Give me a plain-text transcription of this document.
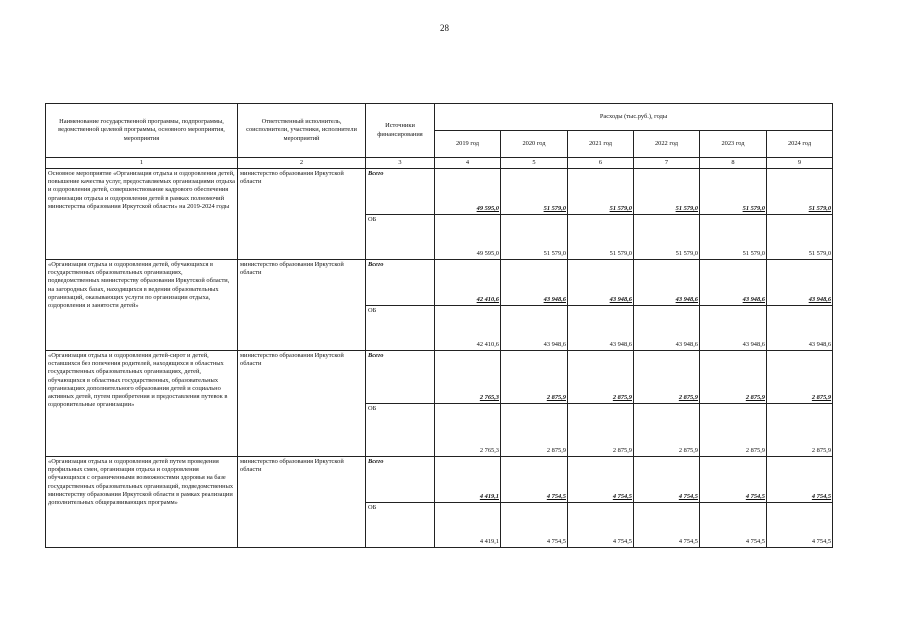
28
Наименование государственной программы, подпрограммы, ведомственной целевой программы, основного мероприятия, мероприятия	Ответственный исполнитель, соисполнители, участники, исполнители мероприятий	Источники финансирования	Расходы (тыс.руб.), годы					
			2019 год	2020 год	2021 год	2022 год	2023 год	2024 год
1	2	3	4	5	6	7	8	9
Основное мероприятие «Организация отдыха и оздоровления детей, повышение качества услуг, предоставляемых организациями отдыха и оздоровления детей, совершенствование кадрового обеспечения организации отдыха и оздоровления детей в рамках полномочий министерства образования Иркутской области» на 2019-2024 годы	министерство образования Иркутской области	Всего	49 595,0	51 579,0	51 579,0	51 579,0	51 579,0	51 579,0
		ОБ	49 595,0	51 579,0	51 579,0	51 579,0	51 579,0	51 579,0
«Организация отдыха и оздоровления детей, обучающихся в государственных образовательных организациях, подведомственных министерству образования Иркутской области, на загородных базах, находящихся в ведении образовательных организаций, оказывающих услуги по организации отдыха, оздоровления и занятости детей»	министерство образования Иркутской области	Всего	42 410,6	43 948,6	43 948,6	43 948,6	43 948,6	43 948,6
		ОБ	42 410,6	43 948,6	43 948,6	43 948,6	43 948,6	43 948,6
«Организация отдыха и оздоровления детей-сирот и детей, оставшихся без попечения родителей, находящихся в областных государственных образовательных организациях, детей, обучающихся в областных государственных, образовательных организациях дополнительного образования детей и социально активных детей, путем приобретения и предоставления путевок в оздоровительные организации»	министерство образования Иркутской области	Всего	2 765,3	2 875,9	2 875,9	2 875,9	2 875,9	2 875,9
		ОБ	2 765,3	2 875,9	2 875,9	2 875,9	2 875,9	2 875,9
«Организация отдыха и оздоровления детей путем проведения профильных смен, организация отдыха и оздоровления обучающихся с ограниченными возможностями здоровья на базе государственных образовательных организаций, подведомственных министерству образования Иркутской области в рамках реализации дополнительных общеразвивающих программ»	министерство образования Иркутской области	Всего	4 419,1	4 754,5	4 754,5	4 754,5	4 754,5	4 754,5
		ОБ	4 419,1	4 754,5	4 754,5	4 754,5	4 754,5	4 754,5
